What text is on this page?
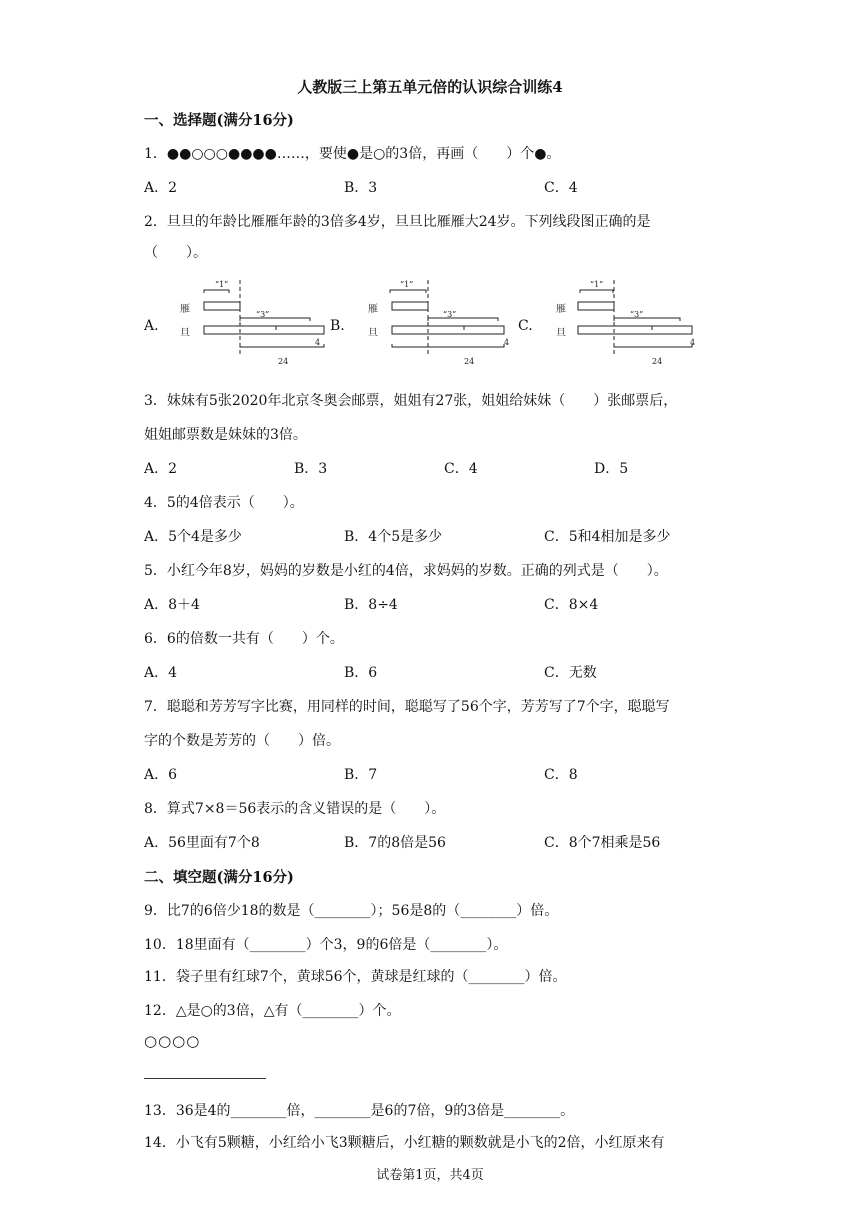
人教版三上第五单元倍的认识综合训练4
一、选择题(满分16分)
1．●●○○○●●●●……，要使●是○的3倍，再画（　　）个●。
A．2	B．3	C．4
2．旦旦的年龄比雁雁年龄的3倍多4岁，旦旦比雁雁大24岁。下列线段图正确的是
（　　）。
A.	B.	C.
“1”
雁	“3”
旦
4
24
“1”
雁	“3”
旦
4
24
“1”
雁	“3”
旦
4
24
3．妹妹有5张2020年北京冬奥会邮票，姐姐有27张，姐姐给妹妹（　　）张邮票后，
姐姐邮票数是妹妹的3倍。
A．2	B．3	C．4	D．5
4．5的4倍表示（　　）。
A．5个4是多少	B．4个5是多少	C．5和4相加是多少
5．小红今年8岁，妈妈的岁数是小红的4倍，求妈妈的岁数。正确的列式是（　　）。
A．8＋4	B．8÷4	C．8×4
6．6的倍数一共有（　　）个。
A．4	B．6	C．无数
7．聪聪和芳芳写字比赛，用同样的时间，聪聪写了56个字，芳芳写了7个字，聪聪写
字的个数是芳芳的（　　）倍。
A．6	B．7	C．8
8．算式7×8＝56表示的含义错误的是（　　）。
A．56里面有7个8	B．7的8倍是56	C．8个7相乘是56
二、填空题(满分16分)
9．比7的6倍少18的数是（________）；56是8的（________）倍。
10．18里面有（________）个3，9的6倍是（________）。
11．袋子里有红球7个，黄球56个，黄球是红球的（________）倍。
12．△是○的3倍，△有（________）个。
○○○○
13．36是4的________倍，________是6的7倍，9的3倍是________。
14．小飞有5颗糖，小红给小飞3颗糖后，小红糖的颗数就是小飞的2倍，小红原来有
试卷第1页，共4页
